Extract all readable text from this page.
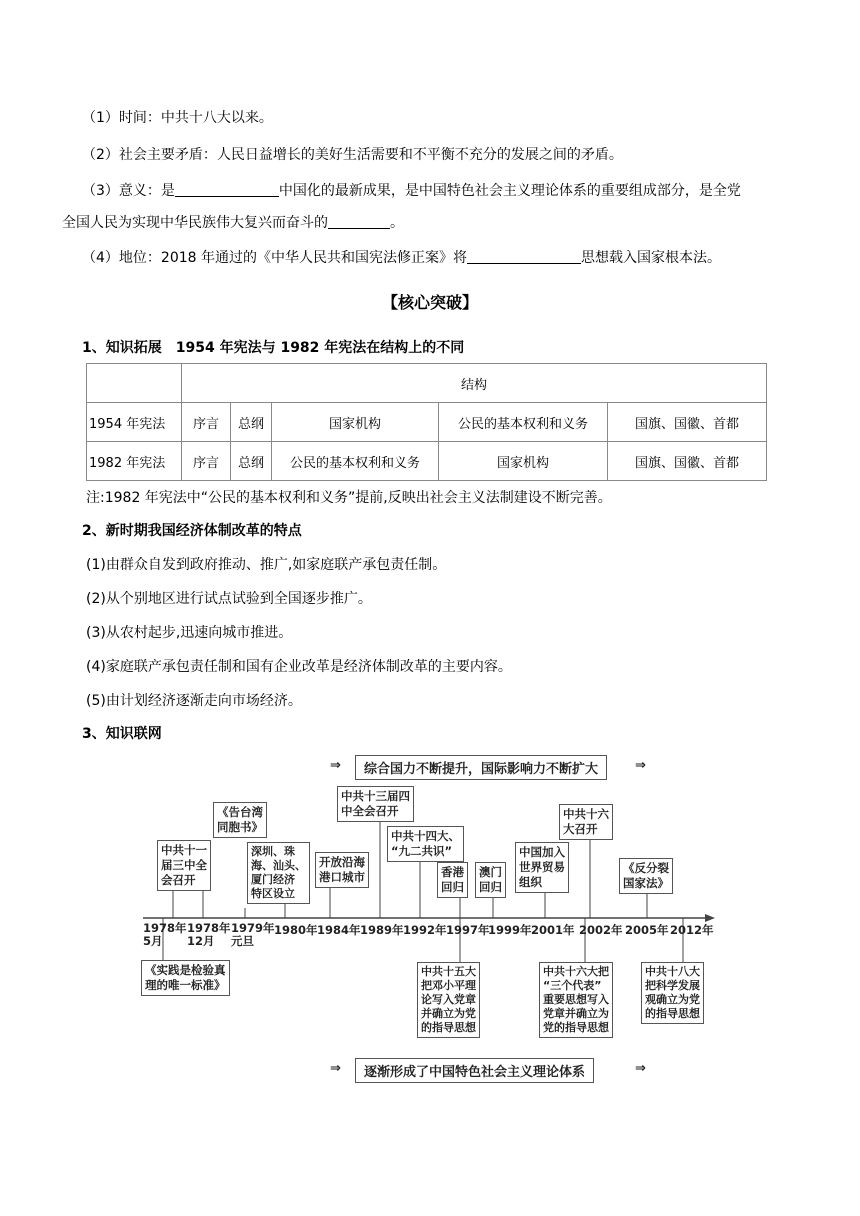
（1）时间：中共十八大以来。
（2）社会主要矛盾：人民日益增长的美好生活需要和不平衡不充分的发展之间的矛盾。
（3）意义：是	中国化的最新成果，是中国特色社会主义理论体系的重要组成部分，是全党
全国人民为实现中华民族伟大复兴而奋斗的	。
（4）地位：2018 年通过的《中华人民共和国宪法修正案》将	思想载入国家根本法。
【核心突破】
1、知识拓展　1954 年宪法与 1982 年宪法在结构上的不同
	结构				
1954 年宪法	序言	总纲	国家机构	公民的基本权利和义务	国旗、国徽、首都
1982 年宪法	序言	总纲	公民的基本权利和义务	国家机构	国旗、国徽、首都
注:1982 年宪法中“公民的基本权利和义务”提前,反映出社会主义法制建设不断完善。
2、新时期我国经济体制改革的特点
(1)由群众自发到政府推动、推广,如家庭联产承包责任制。
(2)从个别地区进行试点试验到全国逐步推广。
(3)从农村起步,迅速向城市推进。
(4)家庭联产承包责任制和国有企业改革是经济体制改革的主要内容。
(5)由计划经济逐渐走向市场经济。
3、知识联网
⇒	综合国力不断提升，国际影响力不断扩大	⇒
中共十一
届三中全
会召开
《告台湾
同胞书》
深圳、珠
海、汕头、
厦门经济
特区设立
开放沿海
港口城市
中共十三届四
中全会召开
中共十四大、
“九二共识”
香港
回归
澳门
回归
中国加入
世界贸易
组织
中共十六
大召开
《反分裂
国家法》
1978年
5月
1978年
12月
1979年
元旦
1980年 1984年 1989年 1992年 1997年
1999年 2001年 2002年 2005年 2012年
《实践是检验真
理的唯一标准》
中共十五大
把邓小平理
论写入党章
并确立为党
的指导思想
中共十六大把
“三个代表”
重要思想写入
党章并确立为
党的指导思想
中共十八大
把科学发展
观确立为党
的指导思想
⇒	逐渐形成了中国特色社会主义理论体系	⇒
